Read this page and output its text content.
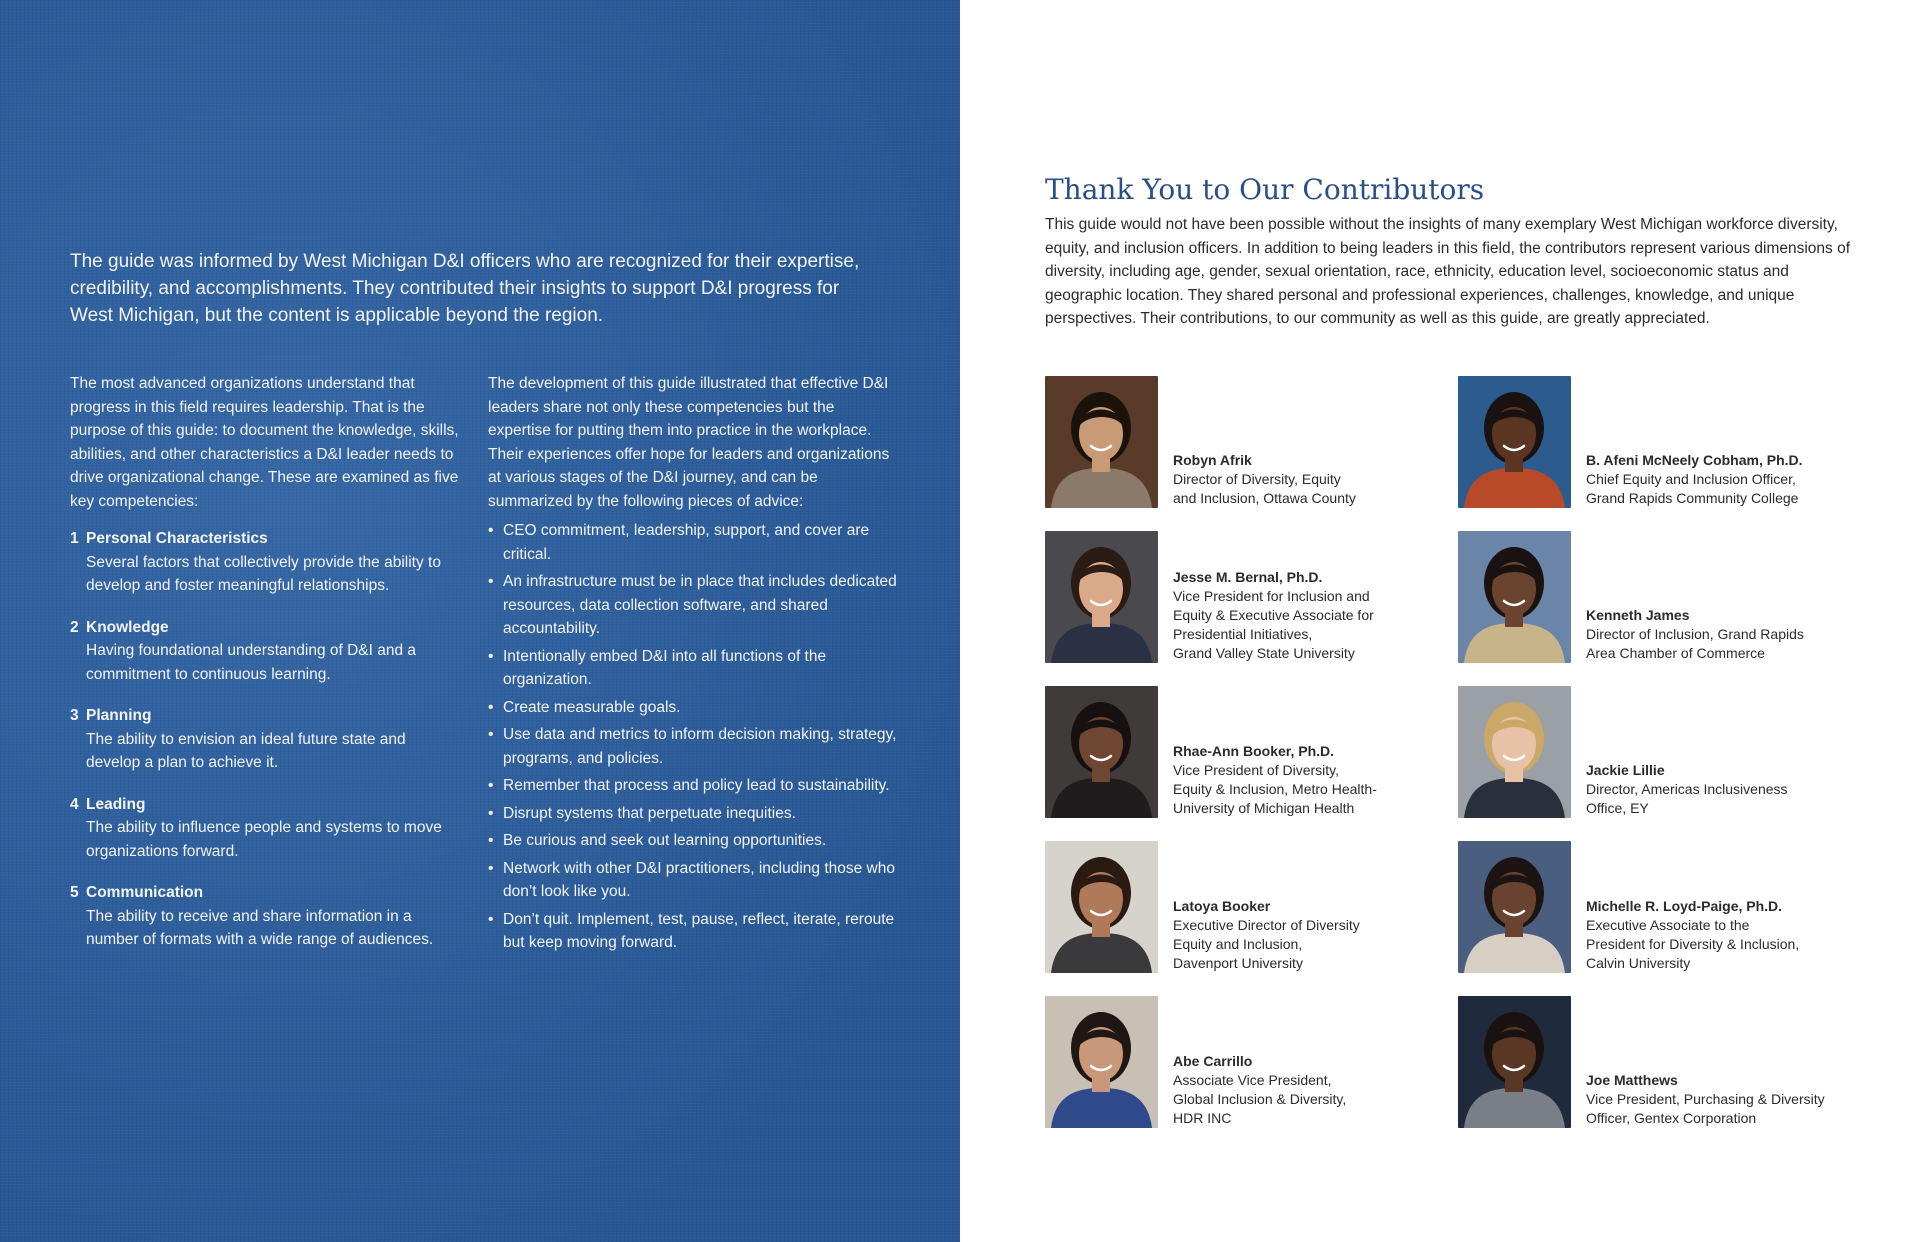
The guide was informed by West Michigan D&I officers who are recognized for their expertise, credibility, and accomplishments. They contributed their insights to support D&I progress for West Michigan, but the content is applicable beyond the region.

The most advanced organizations understand that progress in this field requires leadership. That is the purpose of this guide: to document the knowledge, skills, abilities, and other characteristics a D&I leader needs to drive organizational change. These are examined as five key competencies:

1 Personal Characteristics
Several factors that collectively provide the ability to develop and foster meaningful relationships.
2 Knowledge
Having foundational understanding of D&I and a commitment to continuous learning.
3 Planning
The ability to envision an ideal future state and develop a plan to achieve it.
4 Leading
The ability to influence people and systems to move organizations forward.
5 Communication
The ability to receive and share information in a number of formats with a wide range of audiences.

The development of this guide illustrated that effective D&I leaders share not only these competencies but the expertise for putting them into practice in the workplace. Their experiences offer hope for leaders and organizations at various stages of the D&I journey, and can be summarized by the following pieces of advice:

• CEO commitment, leadership, support, and cover are critical.
• An infrastructure must be in place that includes dedicated resources, data collection software, and shared accountability.
• Intentionally embed D&I into all functions of the organization.
• Create measurable goals.
• Use data and metrics to inform decision making, strategy, programs, and policies.
• Remember that process and policy lead to sustainability.
• Disrupt systems that perpetuate inequities.
• Be curious and seek out learning opportunities.
• Network with other D&I practitioners, including those who don’t look like you.
• Don’t quit. Implement, test, pause, reflect, iterate, reroute but keep moving forward.
Thank You to Our Contributors
This guide would not have been possible without the insights of many exemplary West Michigan workforce diversity, equity, and inclusion officers. In addition to being leaders in this field, the contributors represent various dimensions of diversity, including age, gender, sexual orientation, race, ethnicity, education level, socioeconomic status and geographic location. They shared personal and professional experiences, challenges, knowledge, and unique perspectives. Their contributions, to our community as well as this guide, are greatly appreciated.
Robyn Afrik
Director of Diversity, Equity
and Inclusion, Ottawa County
B. Afeni McNeely Cobham, Ph.D.
Chief Equity and Inclusion Officer,
Grand Rapids Community College
Jesse M. Bernal, Ph.D.
Vice President for Inclusion and
Equity & Executive Associate for
Presidential Initiatives,
Grand Valley State University
Kenneth James
Director of Inclusion, Grand Rapids
Area Chamber of Commerce
Rhae-Ann Booker, Ph.D.
Vice President of Diversity,
Equity & Inclusion, Metro Health-
University of Michigan Health
Jackie Lillie
Director, Americas Inclusiveness
Office, EY
Latoya Booker
Executive Director of Diversity
Equity and Inclusion,
Davenport University
Michelle R. Loyd-Paige, Ph.D.
Executive Associate to the
President for Diversity & Inclusion,
Calvin University
Abe Carrillo
Associate Vice President,
Global Inclusion & Diversity,
HDR INC
Joe Matthews
Vice President, Purchasing & Diversity
Officer, Gentex Corporation
